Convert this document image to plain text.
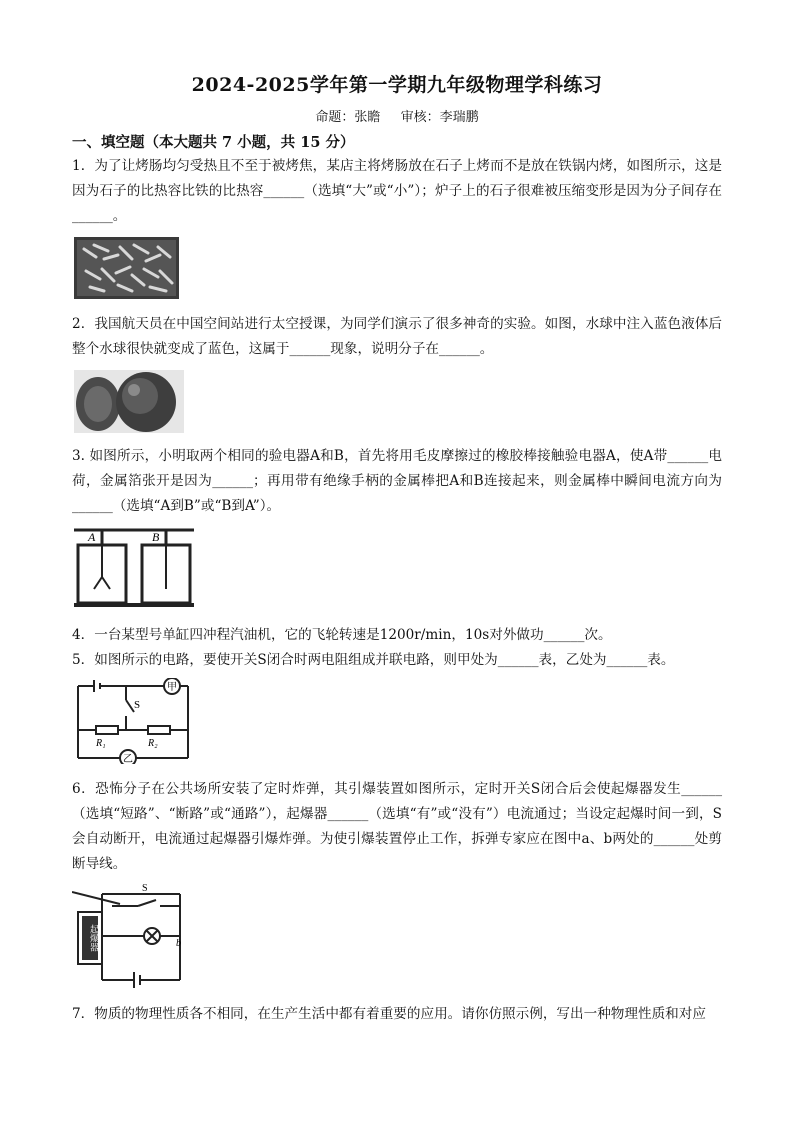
2024-2025学年第一学期九年级物理学科练习
命题：张瞻 审核：李瑞鹏
一、填空题（本大题共 7 小题，共 15 分）
1．为了让烤肠均匀受热且不至于被烤焦，某店主将烤肠放在石子上烤而不是放在铁锅内烤，如图所示，这是因为石子的比热容比铁的比热容______（选填“大”或“小”）；炉子上的石子很难被压缩变形是因为分子间存在______。
2．我国航天员在中国空间站进行太空授课，为同学们演示了很多神奇的实验。如图，水球中注入蓝色液体后整个水球很快就变成了蓝色，这属于______现象，说明分子在______。
3. 如图所示，小明取两个相同的验电器A和B，首先将用毛皮摩擦过的橡胶棒接触验电器A，使A带______电荷，金属箔张开是因为______；再用带有绝缘手柄的金属棒把A和B连接起来，则金属棒中瞬间电流方向为______（选填“A到B”或“B到A”）。
A	B
4．一台某型号单缸四冲程汽油机，它的飞轮转速是1200r/min，10s对外做功______次。
5．如图所示的电路，要使开关S闭合时两电阻组成并联电路，则甲处为______表，乙处为______表。
甲
乙
S
R₁	R₂
6．恐怖分子在公共场所安装了定时炸弹，其引爆装置如图所示，定时开关S闭合后会使起爆器发生______（选填“短路”、“断路”或“通路”），起爆器______（选填“有”或“没有”）电流通过；当设定起爆时间一到，S会自动断开，电流通过起爆器引爆炸弹。为使引爆装置停止工作，拆弹专家应在图中a、b两处的______处剪断导线。
S
b
起爆器
7．物质的物理性质各不相同，在生产生活中都有着重要的应用。请你仿照示例，写出一种物理性质和对应
